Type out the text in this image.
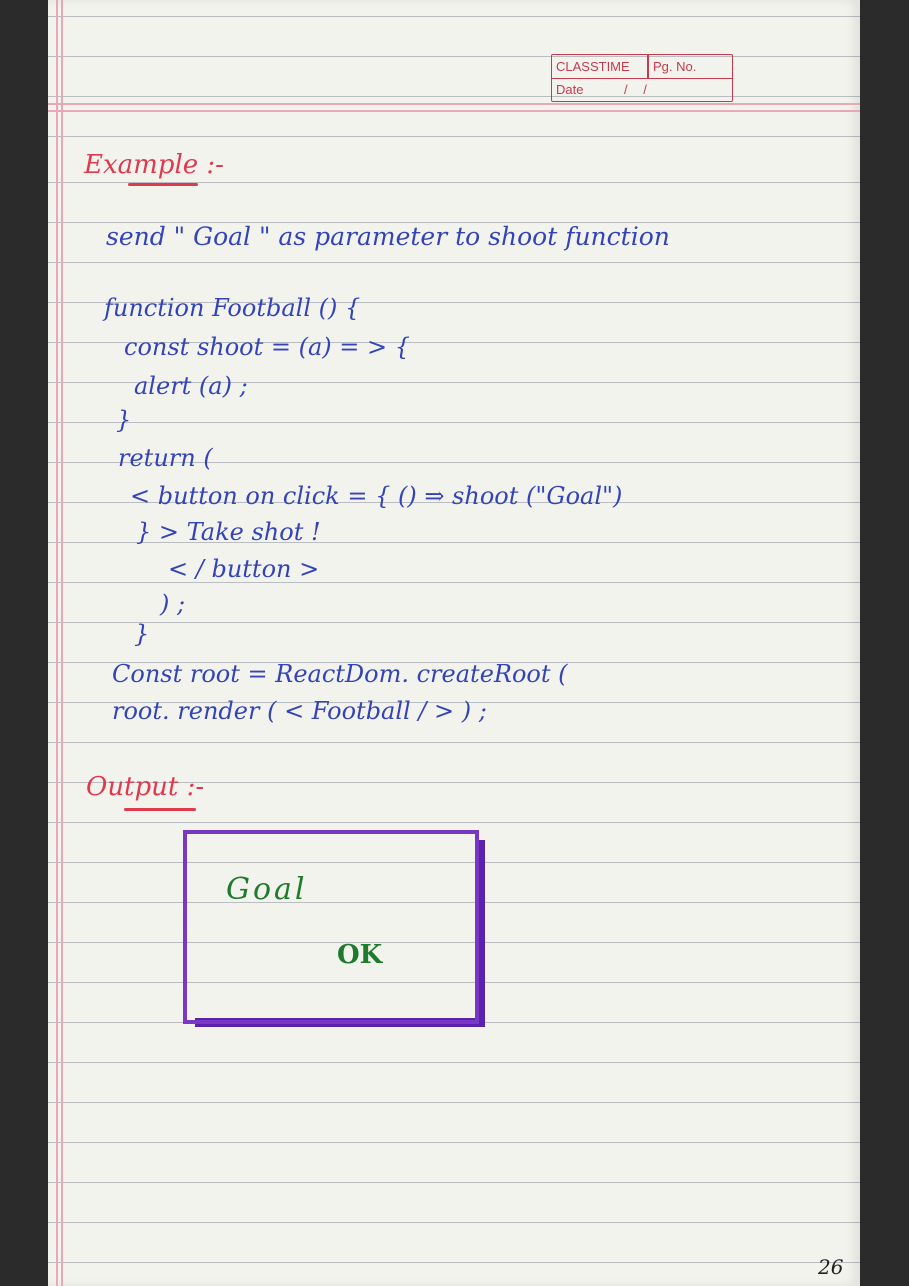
CLASSTIME Pg. No.
Date	/ /
Example :-
send " Goal " as parameter to shoot function
function Football () {
const shoot = (a) = > {
alert (a) ;
}
return (
< button on click = { () ⇒ shoot ("Goal")
} > Take shot !
< / button >
) ;
}
Const root = ReactDom. createRoot (
root. render ( < Football / > ) ;
Output :-
Goal
OK
26
